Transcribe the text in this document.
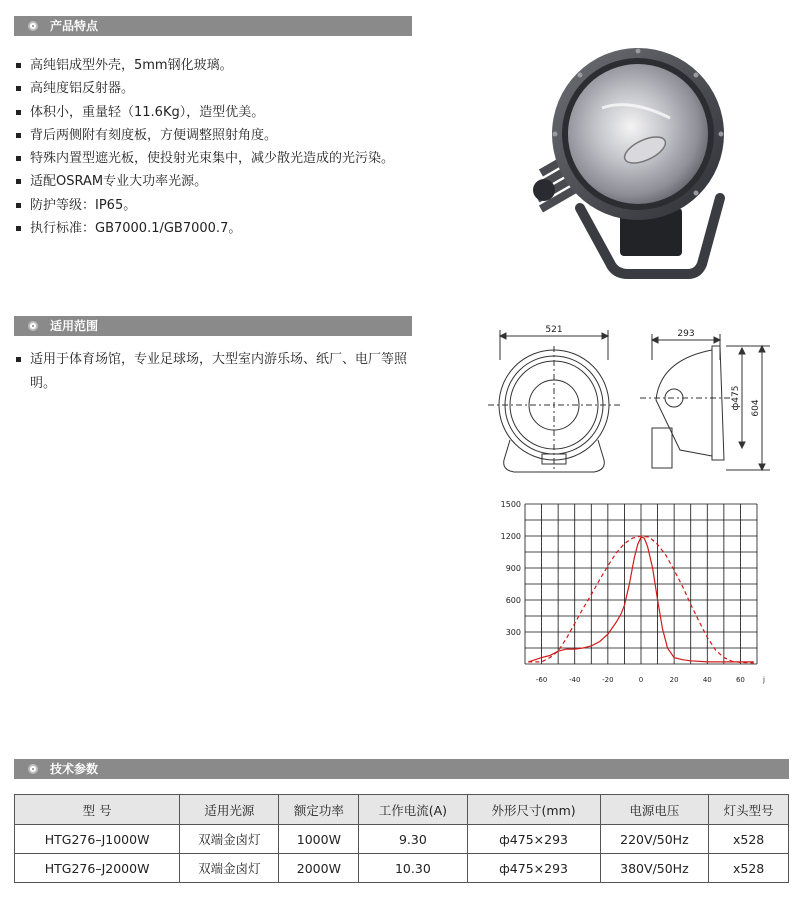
产品特点
高纯铝成型外壳，5mm钢化玻璃。
高纯度铝反射器。
体积小，重量轻（11.6Kg），造型优美。
背后两侧附有刻度板，方便调整照射角度。
特殊内置型遮光板，使投射光束集中，减少散光造成的光污染。
适配OSRAM专业大功率光源。
防护等级：IP65。
执行标准：GB7000.1/GB7000.7。
适用范围
适用于体育场馆，专业足球场，大型室内游乐场、纸厂、电厂等照明。
521	293
ф475 604
300
600
900
1200
1500
-60	-40	-20	0	20	40	60	j
技术参数
型 号	适用光源	额定功率	工作电流(A)	外形尺寸(mm)	电源电压	灯头型号
HTG276–J1000W	双端金卤灯	1000W	9.30	ф475×293	220V/50Hz	x528
HTG276–J2000W	双端金卤灯	2000W	10.30	ф475×293	380V/50Hz	x528
